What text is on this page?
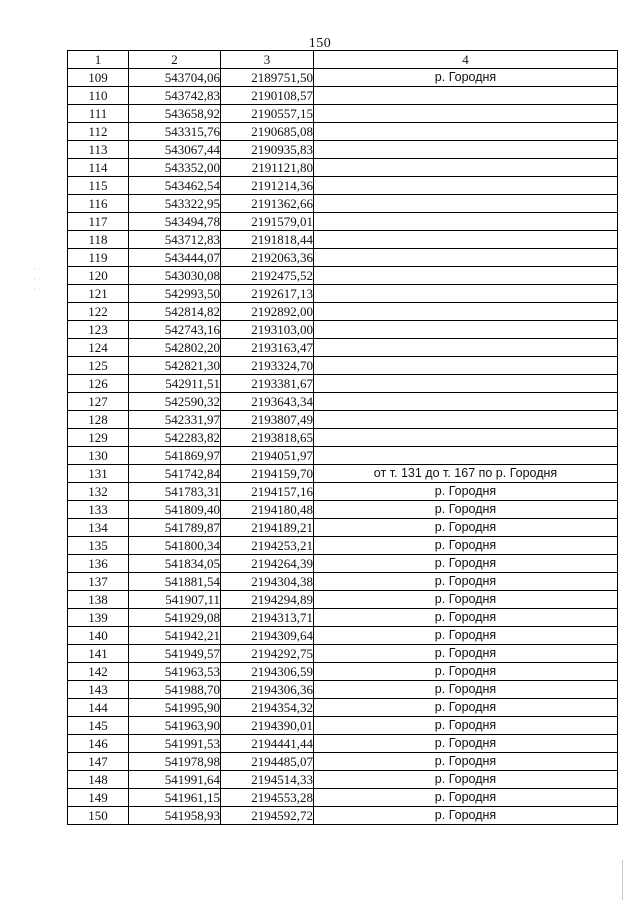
150
1	2	3	4
109	543704,06	2189751,50	р. Городня
110	543742,83	2190108,57	
111	543658,92	2190557,15	
112	543315,76	2190685,08	
113	543067,44	2190935,83	
114	543352,00	2191121,80	
115	543462,54	2191214,36	
116	543322,95	2191362,66	
117	543494,78	2191579,01	
118	543712,83	2191818,44	
119	543444,07	2192063,36	
120	543030,08	2192475,52	
121	542993,50	2192617,13	
122	542814,82	2192892,00	
123	542743,16	2193103,00	
124	542802,20	2193163,47	
125	542821,30	2193324,70	
126	542911,51	2193381,67	
127	542590,32	2193643,34	
128	542331,97	2193807,49	
129	542283,82	2193818,65	
130	541869,97	2194051,97	
131	541742,84	2194159,70	от т. 131 до т. 167 по р. Городня
132	541783,31	2194157,16	р. Городня
133	541809,40	2194180,48	р. Городня
134	541789,87	2194189,21	р. Городня
135	541800,34	2194253,21	р. Городня
136	541834,05	2194264,39	р. Городня
137	541881,54	2194304,38	р. Городня
138	541907,11	2194294,89	р. Городня
139	541929,08	2194313,71	р. Городня
140	541942,21	2194309,64	р. Городня
141	541949,57	2194292,75	р. Городня
142	541963,53	2194306,59	р. Городня
143	541988,70	2194306,36	р. Городня
144	541995,90	2194354,32	р. Городня
145	541963,90	2194390,01	р. Городня
146	541991,53	2194441,44	р. Городня
147	541978,98	2194485,07	р. Городня
148	541991,64	2194514,33	р. Городня
149	541961,15	2194553,28	р. Городня
150	541958,93	2194592,72	р. Городня
· ·
· ·
· ·
